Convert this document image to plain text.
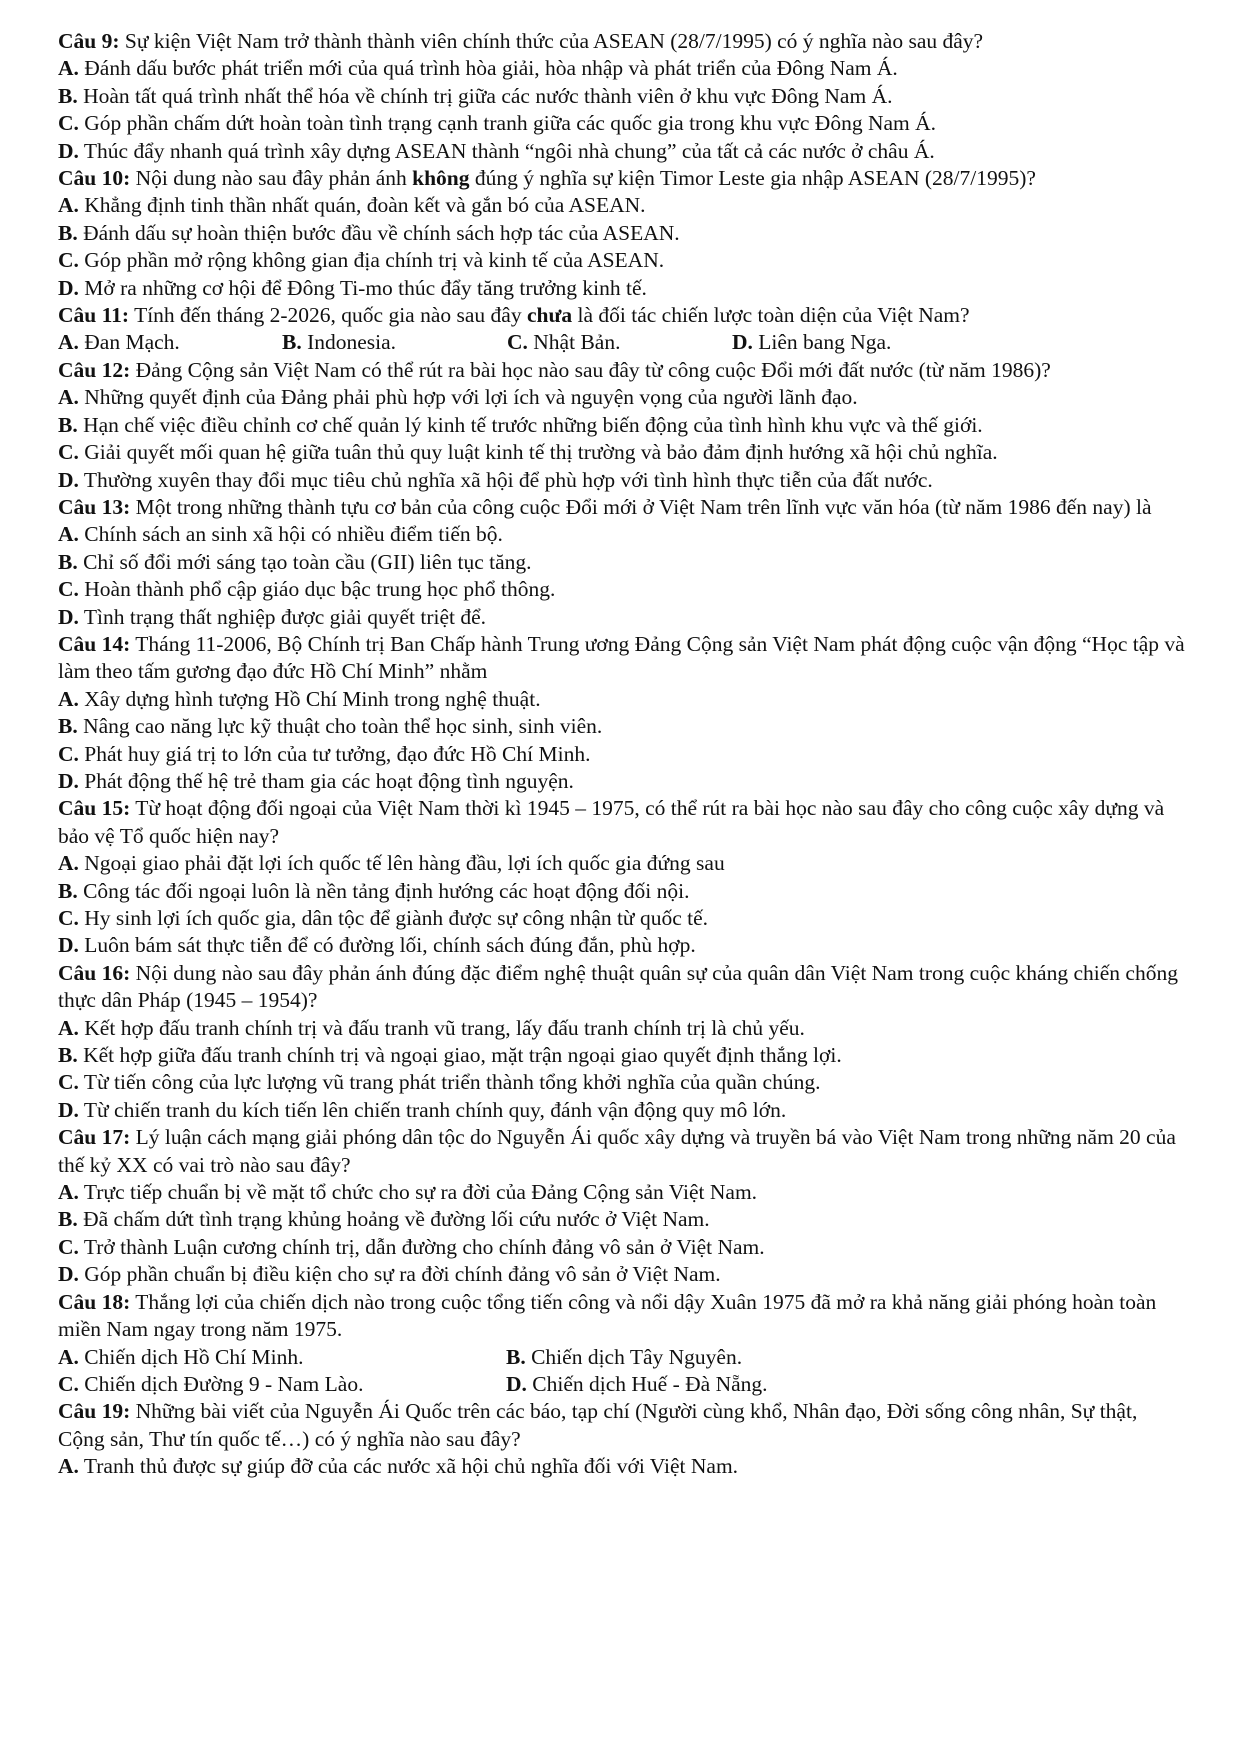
Câu 9: Sự kiện Việt Nam trở thành thành viên chính thức của ASEAN (28/7/1995) có ý nghĩa nào sau đây?

A. Đánh dấu bước phát triển mới của quá trình hòa giải, hòa nhập và phát triển của Đông Nam Á.
B. Hoàn tất quá trình nhất thể hóa về chính trị giữa các nước thành viên ở khu vực Đông Nam Á.
C. Góp phần chấm dứt hoàn toàn tình trạng cạnh tranh giữa các quốc gia trong khu vực Đông Nam Á.
D. Thúc đẩy nhanh quá trình xây dựng ASEAN thành “ngôi nhà chung” của tất cả các nước ở châu Á.

Câu 10: Nội dung nào sau đây phản ánh không đúng ý nghĩa sự kiện Timor Leste gia nhập ASEAN (28/7/1995)?

A. Khẳng định tinh thần nhất quán, đoàn kết và gắn bó của ASEAN.
B. Đánh dấu sự hoàn thiện bước đầu về chính sách hợp tác của ASEAN.
C. Góp phần mở rộng không gian địa chính trị và kinh tế của ASEAN.
D. Mở ra những cơ hội để Đông Ti-mo thúc đẩy tăng trưởng kinh tế.

Câu 11: Tính đến tháng 2-2026, quốc gia nào sau đây chưa là đối tác chiến lược toàn diện của Việt Nam?

A. Đan Mạch.	B. Indonesia.	C. Nhật Bản.	D. Liên bang Nga.

Câu 12: Đảng Cộng sản Việt Nam có thể rút ra bài học nào sau đây từ công cuộc Đổi mới đất nước (từ năm 1986)?

A. Những quyết định của Đảng phải phù hợp với lợi ích và nguyện vọng của người lãnh đạo.
B. Hạn chế việc điều chỉnh cơ chế quản lý kinh tế trước những biến động của tình hình khu vực và thế giới.
C. Giải quyết mối quan hệ giữa tuân thủ quy luật kinh tế thị trường và bảo đảm định hướng xã hội chủ nghĩa.
D. Thường xuyên thay đổi mục tiêu chủ nghĩa xã hội để phù hợp với tình hình thực tiễn của đất nước.

Câu 13: Một trong những thành tựu cơ bản của công cuộc Đổi mới ở Việt Nam trên lĩnh vực văn hóa (từ năm 1986 đến nay) là

A. Chính sách an sinh xã hội có nhiều điểm tiến bộ.
B. Chỉ số đổi mới sáng tạo toàn cầu (GII) liên tục tăng.
C. Hoàn thành phổ cập giáo dục bậc trung học phổ thông.
D. Tình trạng thất nghiệp được giải quyết triệt để.

Câu 14: Tháng 11-2006, Bộ Chính trị Ban Chấp hành Trung ương Đảng Cộng sản Việt Nam phát động cuộc vận động “Học tập và làm theo tấm gương đạo đức Hồ Chí Minh” nhằm

A. Xây dựng hình tượng Hồ Chí Minh trong nghệ thuật.
B. Nâng cao năng lực kỹ thuật cho toàn thể học sinh, sinh viên.
C. Phát huy giá trị to lớn của tư tưởng, đạo đức Hồ Chí Minh.
D. Phát động thế hệ trẻ tham gia các hoạt động tình nguyện.

Câu 15: Từ hoạt động đối ngoại của Việt Nam thời kì 1945 – 1975, có thể rút ra bài học nào sau đây cho công cuộc xây dựng và bảo vệ Tổ quốc hiện nay?

A. Ngoại giao phải đặt lợi ích quốc tế lên hàng đầu, lợi ích quốc gia đứng sau
B. Công tác đối ngoại luôn là nền tảng định hướng các hoạt động đối nội.
C. Hy sinh lợi ích quốc gia, dân tộc để giành được sự công nhận từ quốc tế.
D. Luôn bám sát thực tiễn để có đường lối, chính sách đúng đắn, phù hợp.

Câu 16: Nội dung nào sau đây phản ánh đúng đặc điểm nghệ thuật quân sự của quân dân Việt Nam trong cuộc kháng chiến chống thực dân Pháp (1945 – 1954)?

A. Kết hợp đấu tranh chính trị và đấu tranh vũ trang, lấy đấu tranh chính trị là chủ yếu.
B. Kết hợp giữa đấu tranh chính trị và ngoại giao, mặt trận ngoại giao quyết định thắng lợi.
C. Từ tiến công của lực lượng vũ trang phát triển thành tổng khởi nghĩa của quần chúng.
D. Từ chiến tranh du kích tiến lên chiến tranh chính quy, đánh vận động quy mô lớn.

Câu 17: Lý luận cách mạng giải phóng dân tộc do Nguyễn Ái quốc xây dựng và truyền bá vào Việt Nam trong những năm 20 của thế kỷ XX có vai trò nào sau đây?

A. Trực tiếp chuẩn bị về mặt tổ chức cho sự ra đời của Đảng Cộng sản Việt Nam.
B. Đã chấm dứt tình trạng khủng hoảng về đường lối cứu nước ở Việt Nam.
C. Trở thành Luận cương chính trị, dẫn đường cho chính đảng vô sản ở Việt Nam.
D. Góp phần chuẩn bị điều kiện cho sự ra đời chính đảng vô sản ở Việt Nam.

Câu 18: Thắng lợi của chiến dịch nào trong cuộc tổng tiến công và nổi dậy Xuân 1975 đã mở ra khả năng giải phóng hoàn toàn miền Nam ngay trong năm 1975.

A. Chiến dịch Hồ Chí Minh.	B. Chiến dịch Tây Nguyên.
C. Chiến dịch Đường 9 - Nam Lào.	D. Chiến dịch Huế - Đà Nẵng.

Câu 19: Những bài viết của Nguyễn Ái Quốc trên các báo, tạp chí (Người cùng khổ, Nhân đạo, Đời sống công nhân, Sự thật, Cộng sản, Thư tín quốc tế…) có ý nghĩa nào sau đây?

A. Tranh thủ được sự giúp đỡ của các nước xã hội chủ nghĩa đối với Việt Nam.
